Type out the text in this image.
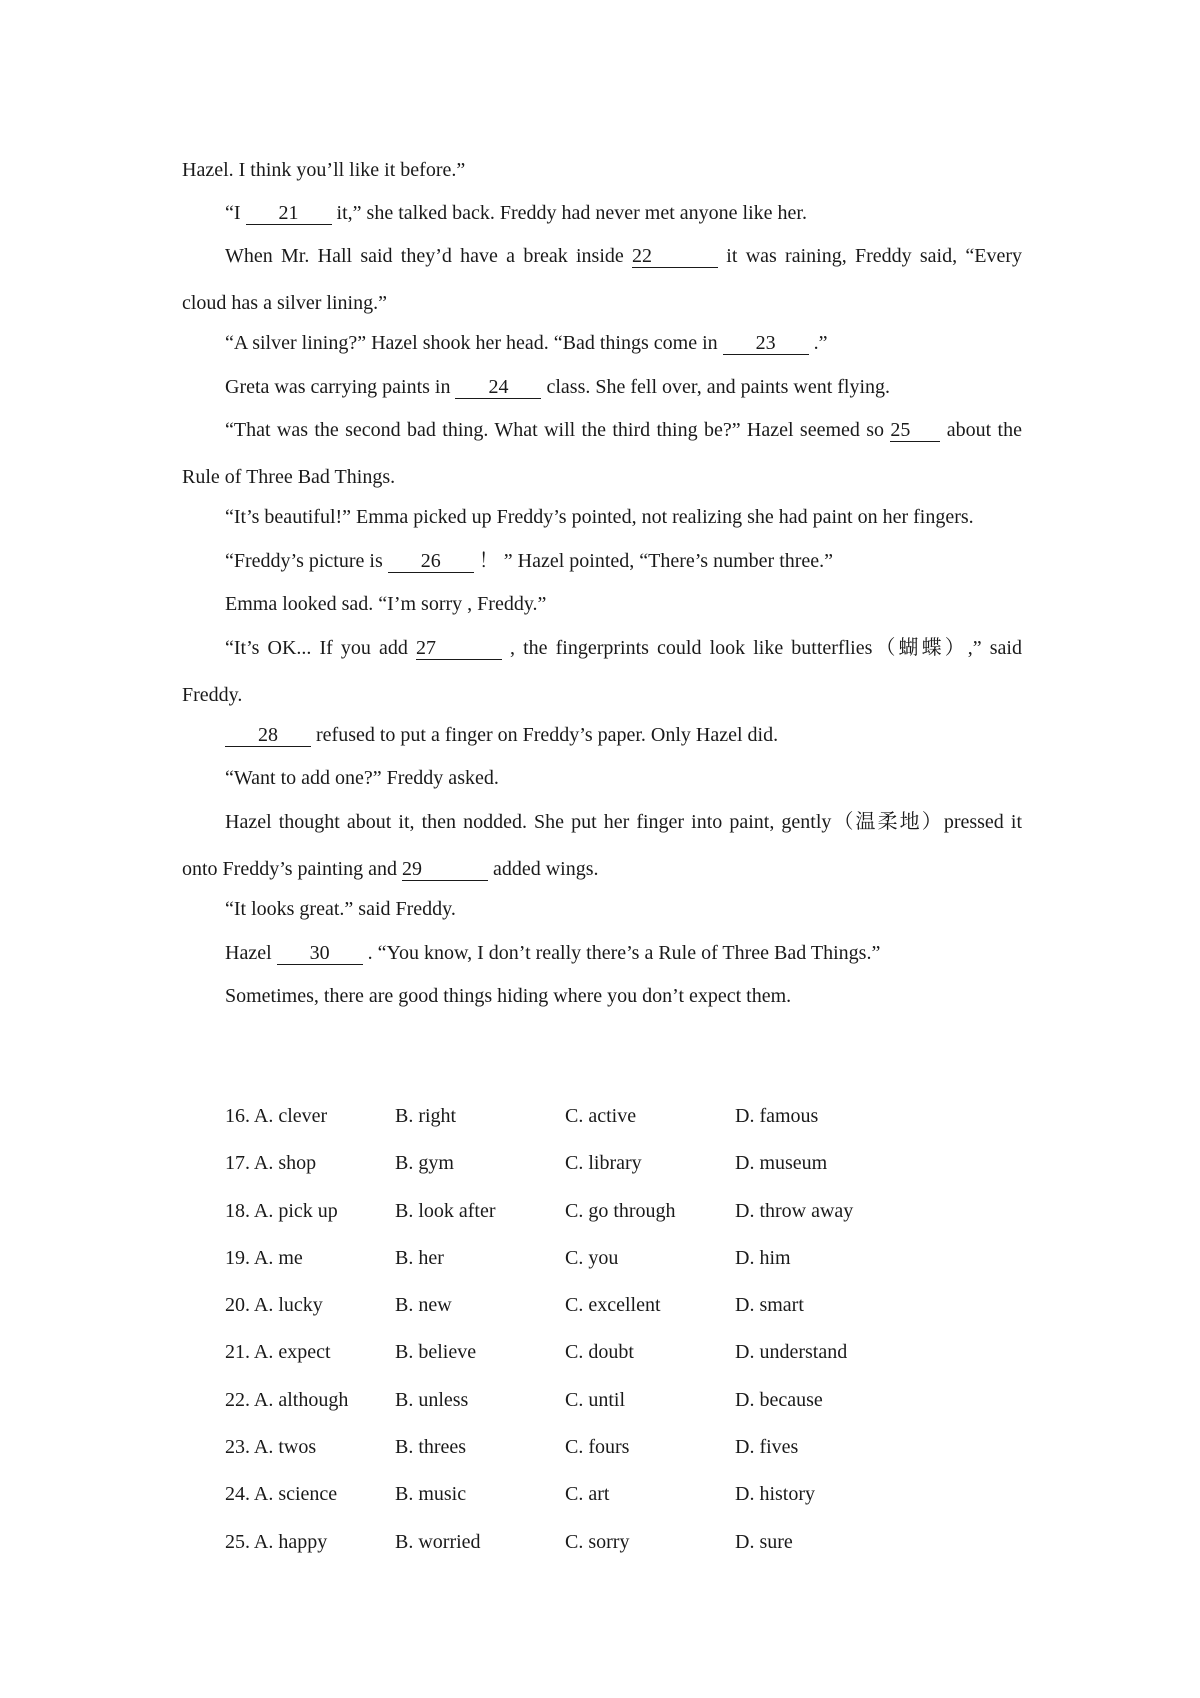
Hazel. I think you’ll like it before.”

“I 21 it,” she talked back. Freddy had never met anyone like her.

When Mr. Hall said they’d have a break inside 22	it was raining, Freddy said, “Every cloud has a silver lining.”

“A silver lining?” Hazel shook her head. “Bad things come in 23 .”

Greta was carrying paints in 24 class. She fell over, and paints went flying.

“That was the second bad thing. What will the third thing be?” Hazel seemed so 25 about the Rule of Three Bad Things.

“It’s beautiful!” Emma picked up Freddy’s pointed, not realizing she had paint on her fingers.

“Freddy’s picture is 26 ！ ” Hazel pointed, “There’s number three.”

Emma looked sad. “I’m sorry , Freddy.”

“It’s OK... If you add 27	, the fingerprints could look like butterflies（蝴蝶）,” said Freddy.

28 refused to put a finger on Freddy’s paper. Only Hazel did.

“Want to add one?” Freddy asked.

Hazel thought about it, then nodded. She put her finger into paint, gently（温柔地）pressed it onto Freddy’s painting and 29	added wings.

“It looks great.” said Freddy.

Hazel 30 . “You know, I don’t really there’s a Rule of Three Bad Things.”

Sometimes, there are good things hiding where you don’t expect them.

16. A. clever	B. right	C. active	D. famous
17. A. shop	B. gym	C. library	D. museum
18. A. pick up	B. look after	C. go through	D. throw away
19. A. me	B. her	C. you	D. him
20. A. lucky	B. new	C. excellent	D. smart
21. A. expect	B. believe	C. doubt	D. understand
22. A. although B. unless	C. until	D. because
23. A. twos	B. threes	C. fours	D. fives
24. A. science	B. music	C. art	D. history
25. A. happy	B. worried	C. sorry	D. sure
